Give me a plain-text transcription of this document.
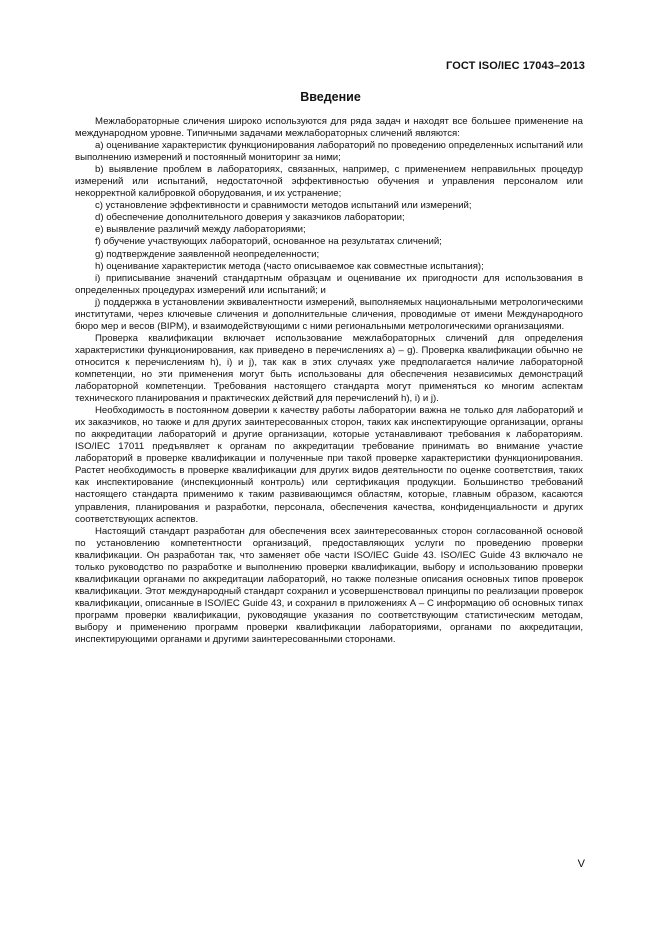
ГОСТ ISO/IEC 17043–2013
Введение

Межлабораторные сличения широко используются для ряда задач и находят все большее применение на международном уровне. Типичными задачами межлабораторных сличений являются:

a) оценивание характеристик функционирования лабораторий по проведению определенных испытаний или выполнению измерений и постоянный мониторинг за ними;

b) выявление проблем в лабораториях, связанных, например, с применением неправильных процедур измерений или испытаний, недостаточной эффективностью обучения и управления персоналом или некорректной калибровкой оборудования, и их устранение;

c) установление эффективности и сравнимости методов испытаний или измерений;

d) обеспечение дополнительного доверия у заказчиков лаборатории;

e) выявление различий между лабораториями;

f) обучение участвующих лабораторий, основанное на результатах сличений;

g) подтверждение заявленной неопределенности;

h) оценивание характеристик метода (часто описываемое как совместные испытания);

i) приписывание значений стандартным образцам и оценивание их пригодности для использования в определенных процедурах измерений или испытаний; и

j) поддержка в установлении эквивалентности измерений, выполняемых национальными метрологическими институтами, через ключевые сличения и дополнительные сличения, проводимые от имени Международного бюро мер и весов (BIPM), и взаимодействующими с ними региональными метрологическими организациями.

Проверка квалификации включает использование межлабораторных сличений для определения характеристики функционирования, как приведено в перечислениях a) – g). Проверка квалификации обычно не относится к перечислениям h), i) и j), так как в этих случаях уже предполагается наличие лабораторной компетенции, но эти применения могут быть использованы для обеспечения независимых демонстраций лабораторной компетенции. Требования настоящего стандарта могут применяться ко многим аспектам технического планирования и практических действий для перечислений h), i) и j).

Необходимость в постоянном доверии к качеству работы лаборатории важна не только для лабораторий и их заказчиков, но также и для других заинтересованных сторон, таких как инспектирующие организации, органы по аккредитации лабораторий и другие организации, которые устанавливают требования к лабораториям. ISO/IEC 17011 предъявляет к органам по аккредитации требование принимать во внимание участие лабораторий в проверке квалификации и полученные при такой проверке характеристики функционирования. Растет необходимость в проверке квалификации для других видов деятельности по оценке соответствия, таких как инспектирование (инспекционный контроль) или сертификация продукции. Большинство требований настоящего стандарта применимо к таким развивающимся областям, которые, главным образом, касаются управления, планирования и разработки, персонала, обеспечения качества, конфиденциальности и других соответствующих аспектов.

Настоящий стандарт разработан для обеспечения всех заинтересованных сторон согласованной основой по установлению компетентности организаций, предоставляющих услуги по проведению проверки квалификации. Он разработан так, что заменяет обе части ISO/IEC Guide 43. ISO/IEC Guide 43 включало не только руководство по разработке и выполнению проверки квалификации, выбору и использованию проверки квалификации органами по аккредитации лабораторий, но также полезные описания основных типов проверок квалификации. Этот международный стандарт сохранил и усовершенствовал принципы по реализации проверок квалификации, описанные в ISO/IEC Guide 43, и сохранил в приложениях А – С информацию об основных типах программ проверки квалификации, руководящие указания по соответствующим статистическим методам, выбору и применению программ проверки квалификации лабораториями, органами по аккредитации, инспектирующими органами и другими заинтересованными сторонами.

V
